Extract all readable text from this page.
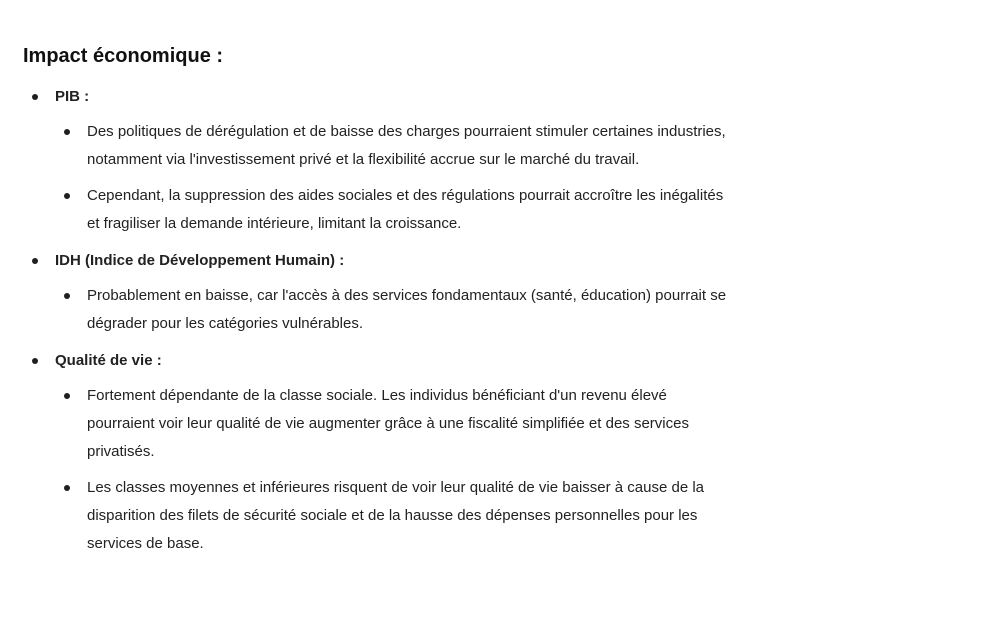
Impact économique :
PIB :
Des politiques de dérégulation et de baisse des charges pourraient stimuler certaines industries, notamment via l'investissement privé et la flexibilité accrue sur le marché du travail.
Cependant, la suppression des aides sociales et des régulations pourrait accroître les inégalités et fragiliser la demande intérieure, limitant la croissance.
IDH (Indice de Développement Humain) :
Probablement en baisse, car l'accès à des services fondamentaux (santé, éducation) pourrait se dégrader pour les catégories vulnérables.
Qualité de vie :
Fortement dépendante de la classe sociale. Les individus bénéficiant d'un revenu élevé pourraient voir leur qualité de vie augmenter grâce à une fiscalité simplifiée et des services privatisés.
Les classes moyennes et inférieures risquent de voir leur qualité de vie baisser à cause de la disparition des filets de sécurité sociale et de la hausse des dépenses personnelles pour les services de base.
